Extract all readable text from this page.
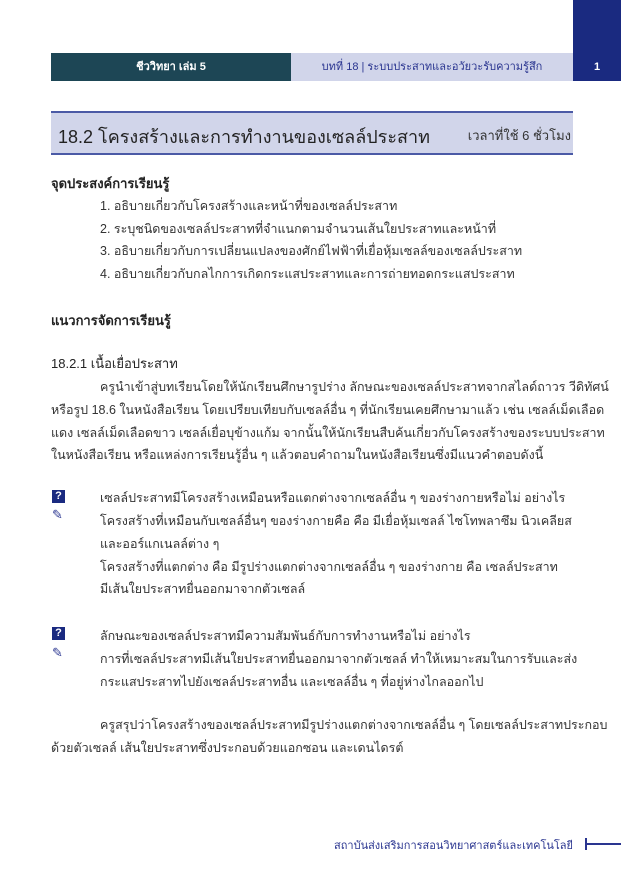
1
ชีววิทยา เล่ม 5	บทที่ 18 | ระบบประสาทและอวัยวะรับความรู้สึก
18.2 โครงสร้างและการทำงานของเซลล์ประสาท	เวลาที่ใช้ 6 ชั่วโมง
จุดประสงค์การเรียนรู้
1. อธิบายเกี่ยวกับโครงสร้างและหน้าที่ของเซลล์ประสาท
2. ระบุชนิดของเซลล์ประสาทที่จำแนกตามจำนวนเส้นใยประสาทและหน้าที่
3. อธิบายเกี่ยวกับการเปลี่ยนแปลงของศักย์ไฟฟ้าที่เยื่อหุ้มเซลล์ของเซลล์ประสาท
4. อธิบายเกี่ยวกับกลไกการเกิดกระแสประสาทและการถ่ายทอดกระแสประสาท
แนวการจัดการเรียนรู้
18.2.1 เนื้อเยื่อประสาท
ครูนำเข้าสู่บทเรียนโดยให้นักเรียนศึกษารูปร่าง ลักษณะของเซลล์ประสาทจากสไลด์ถาวร วีดิทัศน์
หรือรูป 18.6 ในหนังสือเรียน โดยเปรียบเทียบกับเซลล์อื่น ๆ ที่นักเรียนเคยศึกษามาแล้ว เช่น เซลล์เม็ดเลือด
แดง เซลล์เม็ดเลือดขาว เซลล์เยื่อบุข้างแก้ม จากนั้นให้นักเรียนสืบค้นเกี่ยวกับโครงสร้างของระบบประสาท
ในหนังสือเรียน หรือแหล่งการเรียนรู้อื่น ๆ แล้วตอบคำถามในหนังสือเรียนซึ่งมีแนวคำตอบดังนี้
?	เซลล์ประสาทมีโครงสร้างเหมือนหรือแตกต่างจากเซลล์อื่น ๆ ของร่างกายหรือไม่ อย่างไร
✎	โครงสร้างที่เหมือนกับเซลล์อื่นๆ ของร่างกายคือ คือ มีเยื่อหุ้มเซลล์ ไซโทพลาซึม นิวเคลียส
และออร์แกเนลล์ต่าง ๆ
โครงสร้างที่แตกต่าง คือ มีรูปร่างแตกต่างจากเซลล์อื่น ๆ ของร่างกาย คือ เซลล์ประสาท
มีเส้นใยประสาทยื่นออกมาจากตัวเซลล์
?	ลักษณะของเซลล์ประสาทมีความสัมพันธ์กับการทำงานหรือไม่ อย่างไร
✎	การที่เซลล์ประสาทมีเส้นใยประสาทยื่นออกมาจากตัวเซลล์ ทำให้เหมาะสมในการรับและส่ง
กระแสประสาทไปยังเซลล์ประสาทอื่น และเซลล์อื่น ๆ ที่อยู่ห่างไกลออกไป
ครูสรุปว่าโครงสร้างของเซลล์ประสาทมีรูปร่างแตกต่างจากเซลล์อื่น ๆ โดยเซลล์ประสาทประกอบ
ด้วยตัวเซลล์ เส้นใยประสาทซึ่งประกอบด้วยแอกซอน และเดนไดรต์
สถาบันส่งเสริมการสอนวิทยาศาสตร์และเทคโนโลยี
